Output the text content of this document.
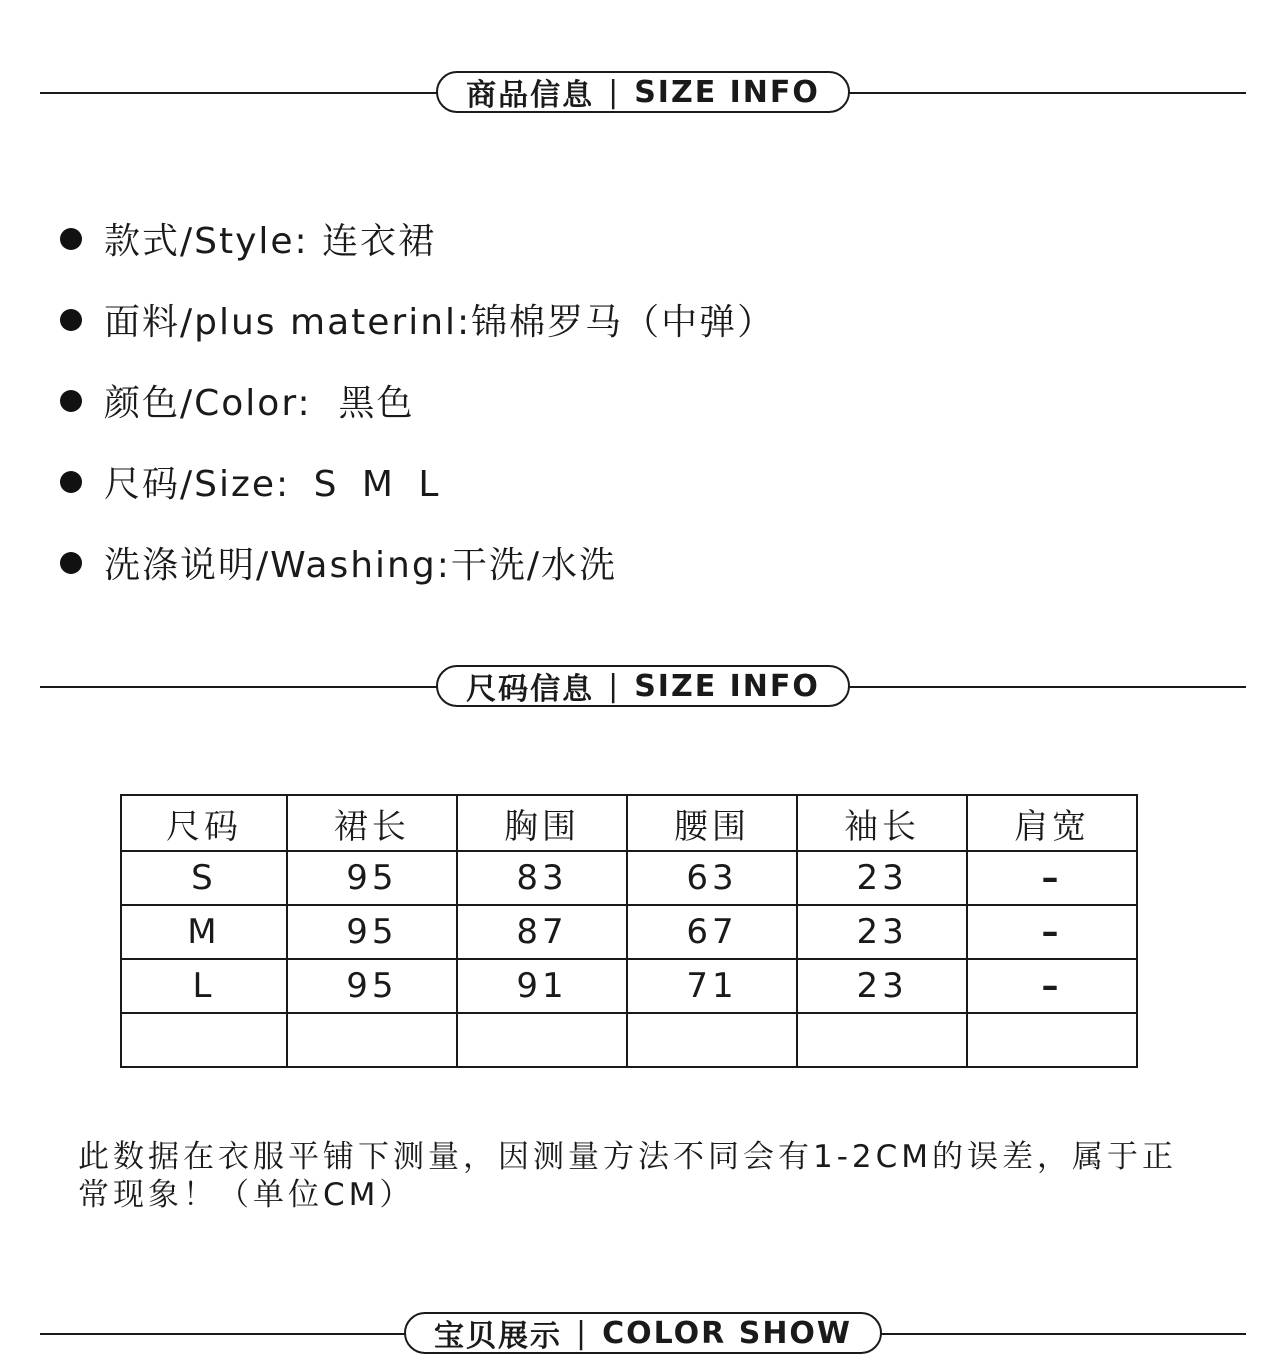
商品信息 | SIZE INFO
款式/Style: 连衣裙
面料/plus materinl:锦棉罗马（中弹）
颜色/Color:  黑色
尺码/Size: S M L
洗涤说明/Washing:干洗/水洗
尺码信息 | SIZE INFO
尺码	裙长	胸围	腰围	袖长	肩宽
S	95	83	63	23	–
M	95	87	67	23	–
L	95	91	71	23	–

此数据在衣服平铺下测量，因测量方法不同会有1-2CM的误差，属于正常现象！（单位CM）
宝贝展示 | COLOR SHOW
